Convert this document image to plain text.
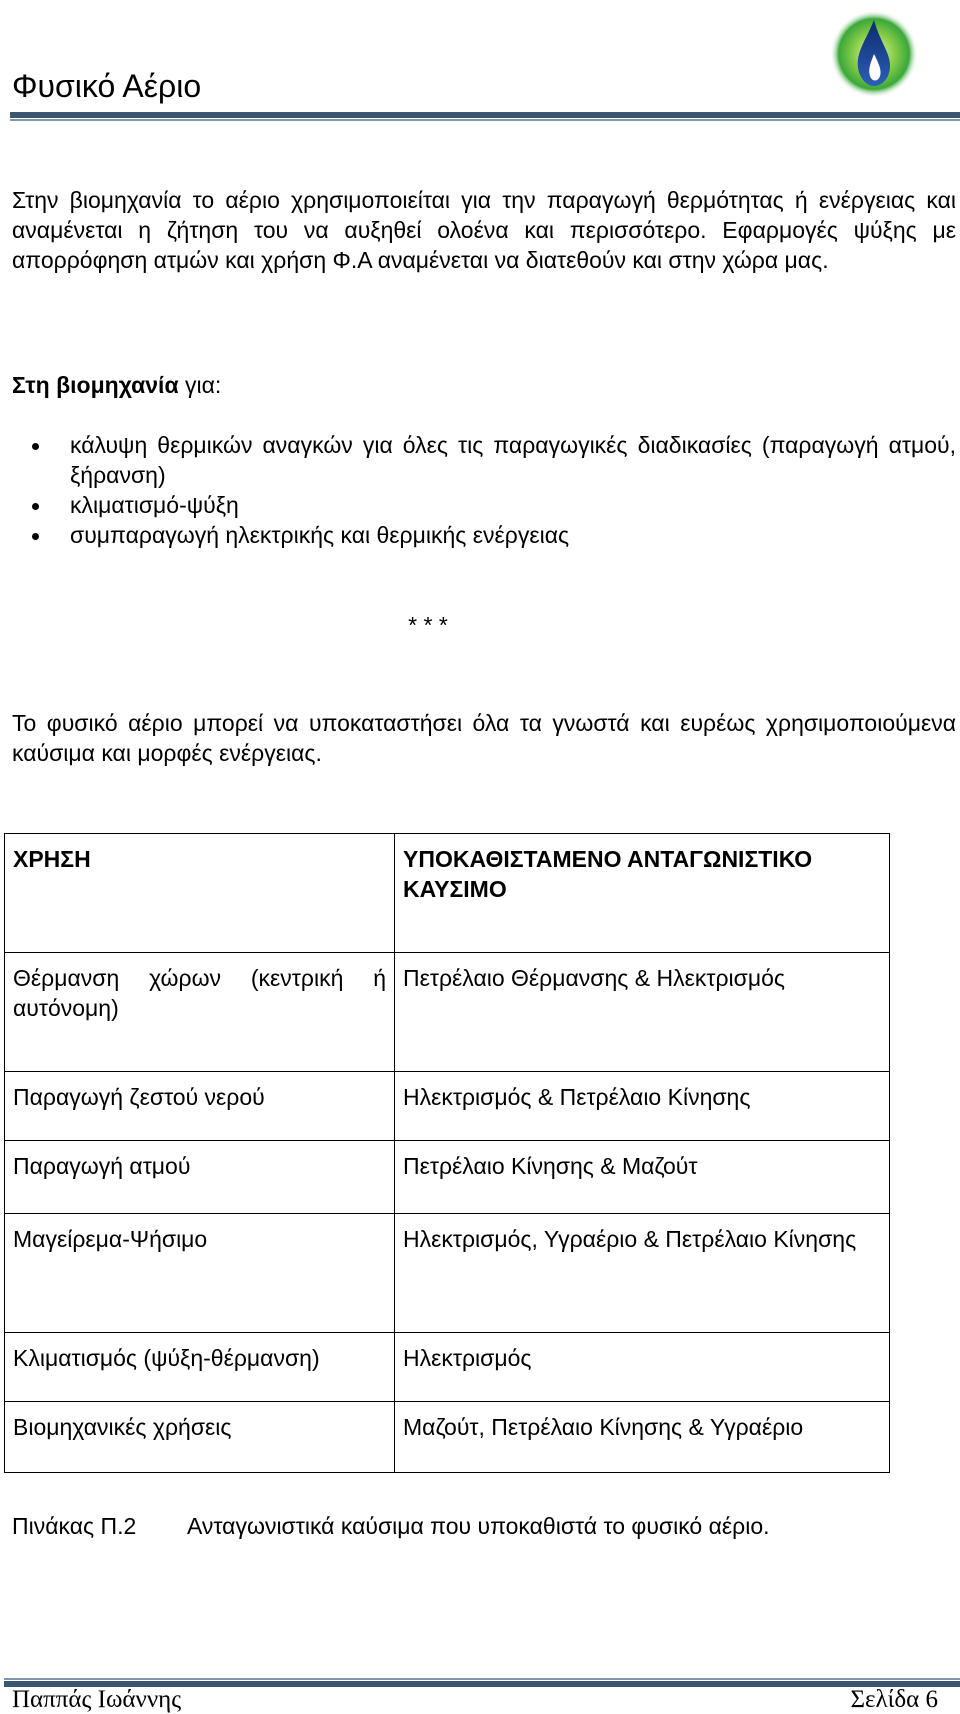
Φυσικό Αέριο
Στην βιομηχανία το αέριο χρησιμοποιείται για την παραγωγή θερμότητας ή ενέργειας και αναμένεται η ζήτηση του να αυξηθεί ολοένα και περισσότερο. Εφαρμογές ψύξης με απορρόφηση ατμών και χρήση Φ.Α αναμένεται να διατεθούν και στην χώρα μας.
Στη βιομηχανία για:
κάλυψη θερμικών αναγκών για όλες τις παραγωγικές διαδικασίες (παραγωγή ατμού, ξήρανση)
κλιματισμό-ψύξη
συμπαραγωγή ηλεκτρικής και θερμικής ενέργειας
* * *
Το φυσικό αέριο μπορεί να υποκαταστήσει όλα τα γνωστά και ευρέως χρησιμοποιούμενα καύσιμα και μορφές ενέργειας.
ΧΡΗΣΗ	ΥΠΟΚΑΘΙΣΤΑΜΕΝΟ ΑΝΤΑΓΩΝΙΣΤΙΚΟ ΚΑΥΣΙΜΟ
Θέρμανση χώρων (κεντρική ή αυτόνομη)	Πετρέλαιο Θέρμανσης & Ηλεκτρισμός
Παραγωγή ζεστού νερού	Ηλεκτρισμός & Πετρέλαιο Κίνησης
Παραγωγή ατμού	Πετρέλαιο Κίνησης & Μαζούτ
Μαγείρεμα-Ψήσιμο	Ηλεκτρισμός, Υγραέριο & Πετρέλαιο Κίνησης
Κλιματισμός (ψύξη-θέρμανση)	Ηλεκτρισμός
Βιομηχανικές χρήσεις	Μαζούτ, Πετρέλαιο Κίνησης & Υγραέριο
Πινάκας Π.2 Ανταγωνιστικά καύσιμα που υποκαθιστά το φυσικό αέριο.
Παππάς Ιωάννης	Σελίδα 6
